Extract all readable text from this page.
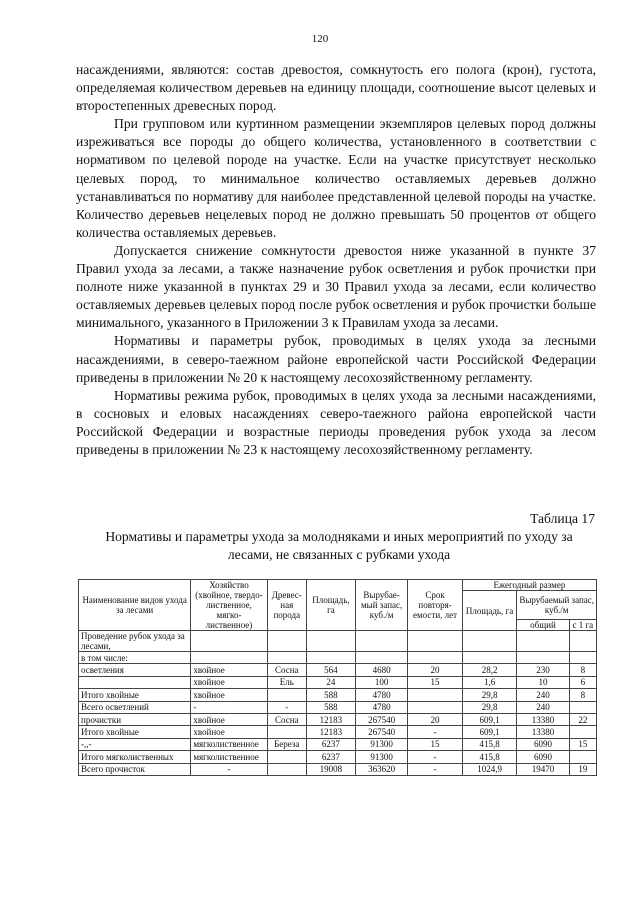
120

насаждениями, являются: состав древостоя, сомкнутость его полога (крон), густота, определяемая количеством деревьев на единицу площади, соотношение высот целевых и второстепенных древесных пород.

При групповом или куртинном размещении экземпляров целевых пород должны изреживаться все породы до общего количества, установленного в соответствии с нормативом по целевой породе на участке. Если на участке присутствует несколько целевых пород, то минимальное количество оставляемых деревьев должно устанавливаться по нормативу для наиболее представленной целевой породы на участке. Количество деревьев нецелевых пород не должно превышать 50 процентов от общего количества оставляемых деревьев.

Допускается снижение сомкнутости древостоя ниже указанной в пункте 37 Правил ухода за лесами, а также назначение рубок осветления и рубок прочистки при полноте ниже указанной в пунктах 29 и 30 Правил ухода за лесами, если количество оставляемых деревьев целевых пород после рубок осветления и рубок прочистки больше минимального, указанного в Приложении 3 к Правилам ухода за лесами.

Нормативы и параметры рубок, проводимых в целях ухода за лесными насаждениями, в северо-таежном районе европейской части Российской Федерации приведены в приложении № 20 к настоящему лесохозяйственному регламенту.

Нормативы режима рубок, проводимых в целях ухода за лесными насаждениями, в сосновых и еловых насаждениях северо-таежного района европейской части Российской Федерации и возрастные периоды проведения рубок ухода за лесом приведены в приложении № 23 к настоящему лесохозяйственному регламенту.

Таблица 17
Нормативы и параметры ухода за молодняками и иных мероприятий по уходу за лесами, не связанных с рубками ухода
Наименование видов ухода за лесами	Хозяйство (хвойное, твердо-лиственное, мягко-лиственное)	Древес-ная порода	Площадь, га	Вырубае-мый запас, куб./м	Срок повторя-емости, лет	Ежегодный размер		
						Площадь, га	Вырубаемый запас, куб./м	
							общий	с 1 га
Проведение рубок ухода за лесами,								
в том числе:								
осветления	хвойное	Сосна	564	4680	20	28,2	230	8
	хвойное	Ель	24	100	15	1,6	10	6
Итого хвойные	хвойное		588	4780		29,8	240	8
Всего осветлений	-	-	588	4780		29,8	240	
прочистки	хвойное	Сосна	12183	267540	20	609,1	13380	22
Итого хвойные	хвойное		12183	267540	-	609,1	13380	
-,,-	мягколиственное	Береза	6237	91300	15	415,8	6090	15
Итого мягколиственных	мягколиственное		6237	91300	-	415,8	6090	
Всего прочисток	-		19008	363620	-	1024,9	19470	19
